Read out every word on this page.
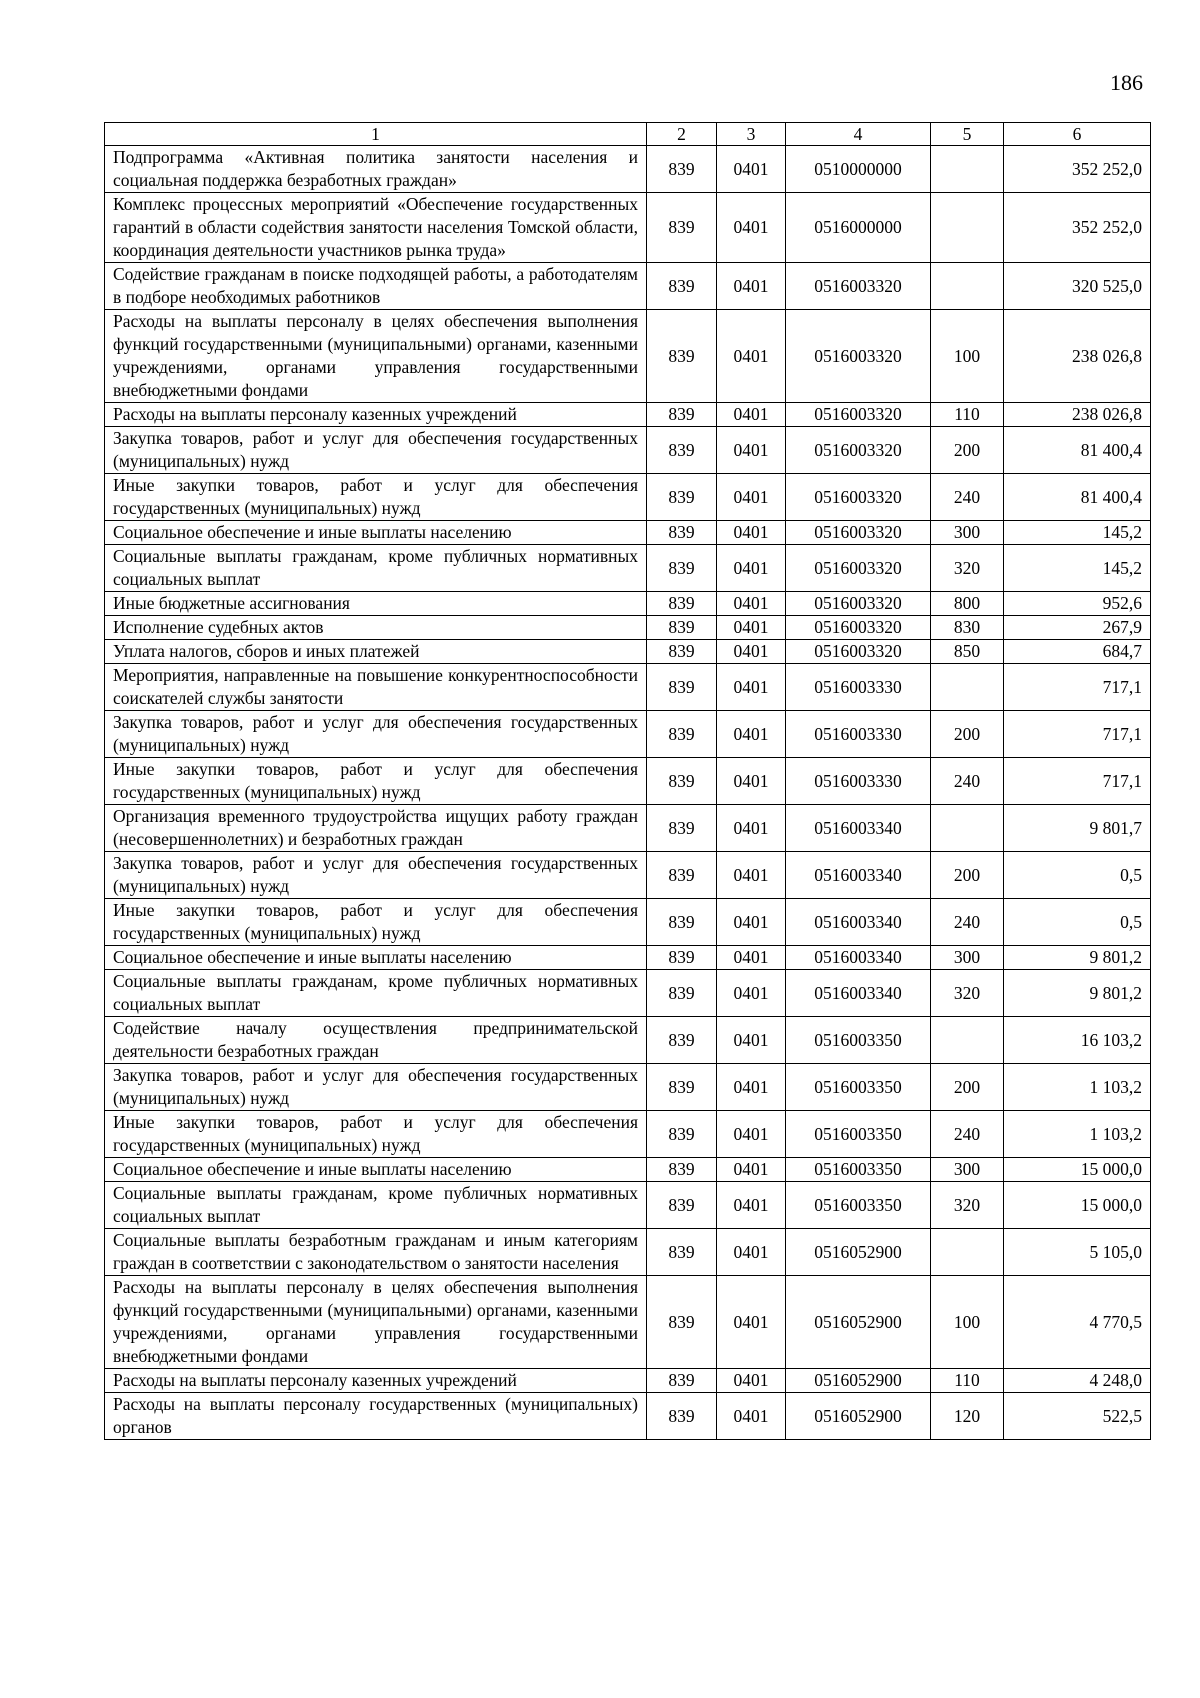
186
1	2	3	4	5	6
Подпрограмма «Активная политика занятости населения и социальная поддержка безработных граждан»	839	0401	0510000000		352 252,0
Комплекс процессных мероприятий «Обеспечение государственных гарантий в области содействия занятости населения Томской области, координация деятельности участников рынка труда»	839	0401	0516000000		352 252,0
Содействие гражданам в поиске подходящей работы, а работодателям в подборе необходимых работников	839	0401	0516003320		320 525,0
Расходы на выплаты персоналу в целях обеспечения выполнения функций государственными (муниципальными) органами, казенными учреждениями, органами управления государственными внебюджетными фондами	839	0401	0516003320	100	238 026,8
Расходы на выплаты персоналу казенных учреждений	839	0401	0516003320	110	238 026,8
Закупка товаров, работ и услуг для обеспечения государственных (муниципальных) нужд	839	0401	0516003320	200	81 400,4
Иные закупки товаров, работ и услуг для обеспечения государственных (муниципальных) нужд	839	0401	0516003320	240	81 400,4
Социальное обеспечение и иные выплаты населению	839	0401	0516003320	300	145,2
Социальные выплаты гражданам, кроме публичных нормативных социальных выплат	839	0401	0516003320	320	145,2
Иные бюджетные ассигнования	839	0401	0516003320	800	952,6
Исполнение судебных актов	839	0401	0516003320	830	267,9
Уплата налогов, сборов и иных платежей	839	0401	0516003320	850	684,7
Мероприятия, направленные на повышение конкурентноспособности соискателей службы занятости	839	0401	0516003330		717,1
Закупка товаров, работ и услуг для обеспечения государственных (муниципальных) нужд	839	0401	0516003330	200	717,1
Иные закупки товаров, работ и услуг для обеспечения государственных (муниципальных) нужд	839	0401	0516003330	240	717,1
Организация временного трудоустройства ищущих работу граждан (несовершеннолетних) и безработных граждан	839	0401	0516003340		9 801,7
Закупка товаров, работ и услуг для обеспечения государственных (муниципальных) нужд	839	0401	0516003340	200	0,5
Иные закупки товаров, работ и услуг для обеспечения государственных (муниципальных) нужд	839	0401	0516003340	240	0,5
Социальное обеспечение и иные выплаты населению	839	0401	0516003340	300	9 801,2
Социальные выплаты гражданам, кроме публичных нормативных социальных выплат	839	0401	0516003340	320	9 801,2
Содействие началу осуществления предпринимательской деятельности безработных граждан	839	0401	0516003350		16 103,2
Закупка товаров, работ и услуг для обеспечения государственных (муниципальных) нужд	839	0401	0516003350	200	1 103,2
Иные закупки товаров, работ и услуг для обеспечения государственных (муниципальных) нужд	839	0401	0516003350	240	1 103,2
Социальное обеспечение и иные выплаты населению	839	0401	0516003350	300	15 000,0
Социальные выплаты гражданам, кроме публичных нормативных социальных выплат	839	0401	0516003350	320	15 000,0
Социальные выплаты безработным гражданам и иным категориям граждан в соответствии с законодательством о занятости населения	839	0401	0516052900		5 105,0
Расходы на выплаты персоналу в целях обеспечения выполнения функций государственными (муниципальными) органами, казенными учреждениями, органами управления государственными внебюджетными фондами	839	0401	0516052900	100	4 770,5
Расходы на выплаты персоналу казенных учреждений	839	0401	0516052900	110	4 248,0
Расходы на выплаты персоналу государственных (муниципальных) органов	839	0401	0516052900	120	522,5
